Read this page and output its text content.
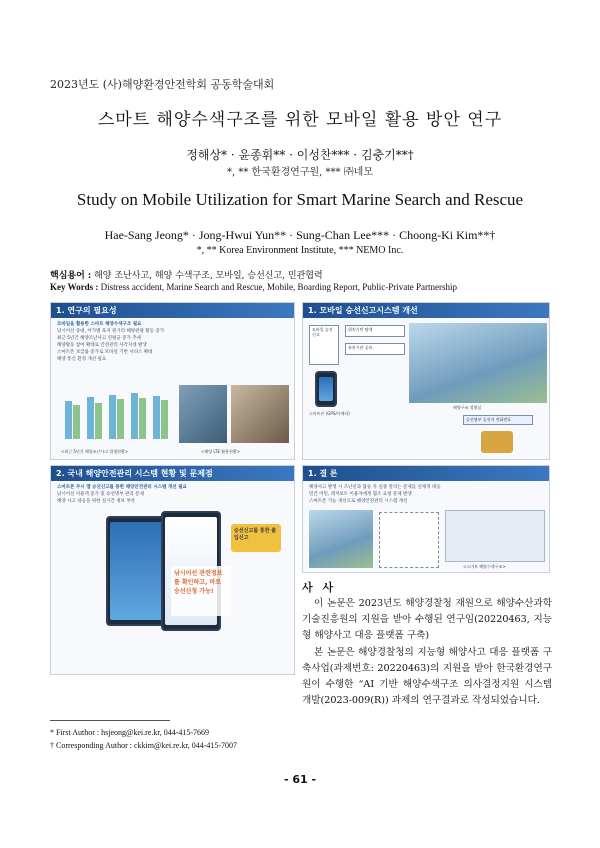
2023년도 (사)해양환경안전학회 공동학술대회
스마트 해양수색구조를 위한 모바일 활용 방안 연구
정해상* · 윤종휘** · 이성찬*** · 김충기**†
*, ** 한국환경연구원, *** ㈜네모
Study on Mobile Utilization for Smart Marine Search and Rescue
Hae-Sang Jeong* · Jong-Hwui Yun** · Sung-Chan Lee*** · Choong-Ki Kim**†
*, ** Korea Environment Institute, *** NEMO Inc.
핵심용어 : 해양 조난사고, 해양 수색구조, 모바일, 승선신고, 민관협력
Key Words : Distress accident, Marine Search and Rescue, Mobile, Boarding Report, Public-Private Partnership
1. 연구의 필요성
모바일을 활용한 스마트 해양수색구조 필요
낚시어선 증대, 어가별 육지 원거리 해양관광 활동 증가
최근 5년간 해양조난사고 연평균 증가 추세
해양활동 참여 확대로 안전관리 사각지대 발생
스마트폰 보급률 증가로 모바일 기반 서비스 확대
해양 통신 환경 개선 필요
<최근 5년간 해양조난사고 발생현황>	<해양 LTE 활용현황>
1. 모바일 승선신고시스템 개선
모바일 승선신고
위치기반 탐색
유관기관 공유
스마트폰 (GPS/카메라)
해양구조 정황실
승선명부 승선자 전화번호
2. 국내 해양안전관리 시스템 현황 및 문제점
스마트폰 무시 앱 승선신고를 통한 해양안전관리 시스템 개선 필요
낚시어선 이용객 증가 및 승선명부 관리 문제
해양 사고 대응을 위한 실시간 정보 부족
승선신고를 통한 출입신고
낚시어선 관련정보를 확인하고, 바로 승선신청 가능!
1. 결 론
해양사고 발생 시 조난선과 탑승 자 실종 알리는 문제를 선제적 대응
민간 어민, 레저보트 이용자에게 협조 요청 문제 발생
스마트폰 기능 개선으로 해양안전관리 시스템 개선
<스마트 해양수색구조>
사 사

이 논문은 2023년도 해양경찰청 재원으로 해양수산과학기술진흥원의 지원을 받아 수행된 연구임(20220463, 지능형 해양사고 대응 플랫폼 구축)

본 논문은 해양경찰청의 지능형 해양사고 대응 플랫폼 구축사업(과제번호: 20220463)의 지원을 받아 한국환경연구원이 수행한 “AI 기반 해양수색구조 의사결정지원 시스템 개발(2023-009(R)) 과제의 연구결과로 작성되었습니다.

* First Author : hsjeong@kei.re.kr, 044-415-7669
† Corresponding Author : ckkim@kei.re.kr, 044-415-7007
- 61 -
